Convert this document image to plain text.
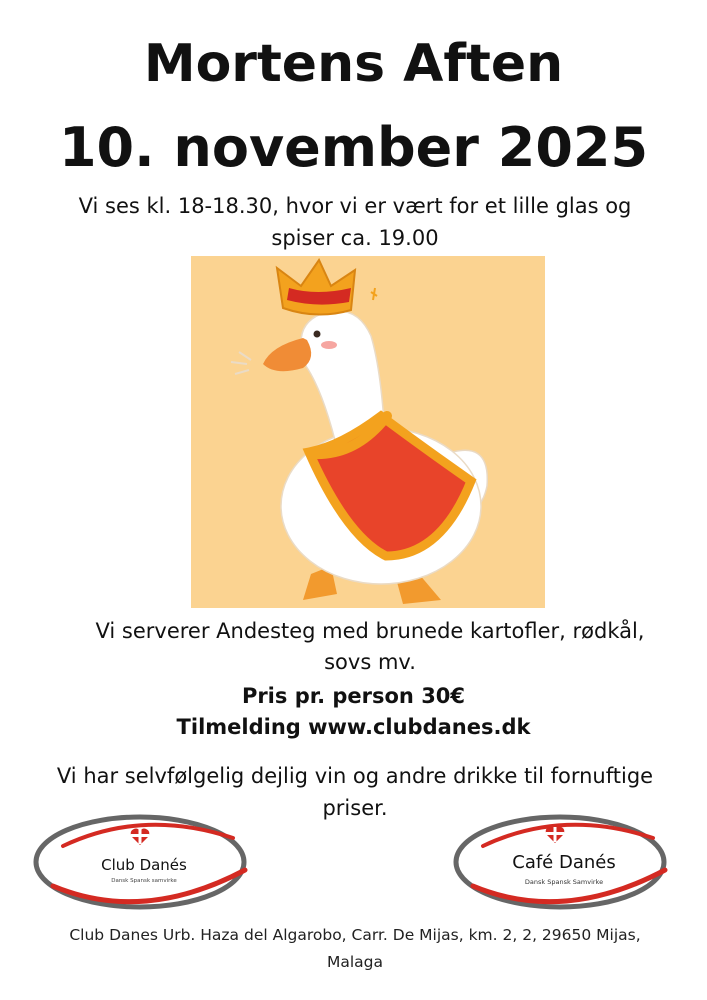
Mortens Aften
10. november 2025
Vi ses kl. 18-18.30, hvor vi er vært for et lille glas og spiser ca. 19.00
Vi serverer Andesteg med brunede kartofler, rødkål, sovs mv.
Pris pr. person 30€
Tilmelding www.clubdanes.dk
Vi har selvfølgelig dejlig vin og andre drikke til fornuftige priser.
Club Danés
Dansk Spansk samvirke
Café Danés
Dansk Spansk Samvirke
Club Danes Urb. Haza del Algarobo, Carr. De Mijas, km. 2, 2, 29650 Mijas, Malaga
